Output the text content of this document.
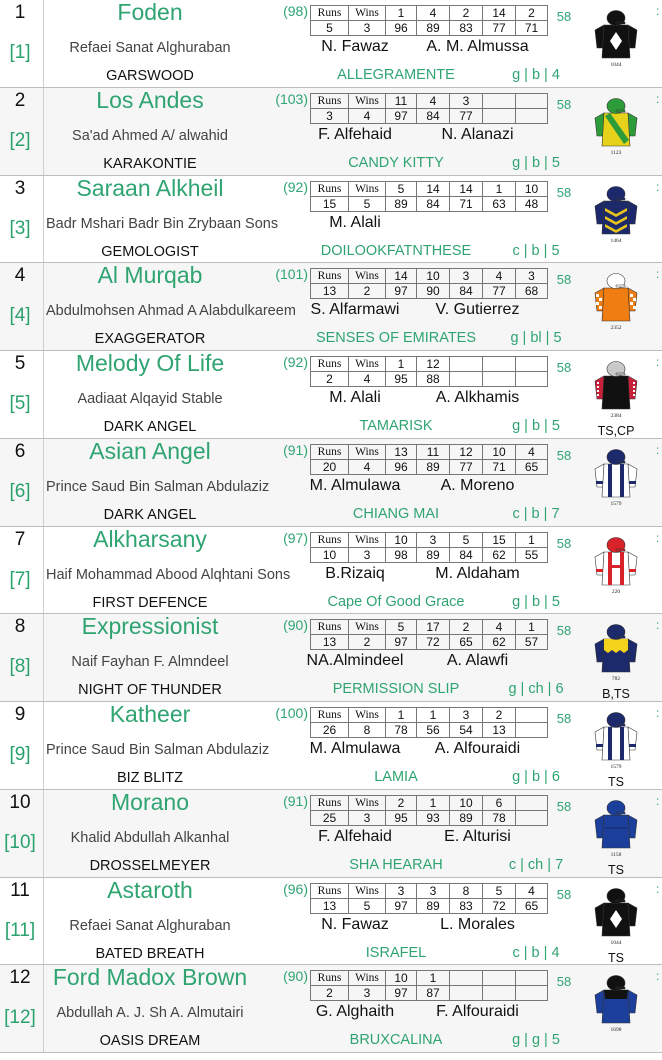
1
[1]
Foden	(98)
Refaei Sanat Alghuraban
GARSWOOD
Runs	Wins	1	4	2	14	2
5	3	96	89	83	77	71
N. Fawaz	A. M. Almussa
ALLEGRAMENTE	g | b | 4
58
1044
:
2
[2]
Los Andes	(103)
Sa'ad Ahmed A/ alwahid
KARAKONTIE
Runs	Wins	11	4	3		
3	4	97	84	77		
F. Alfehaid	N. Alanazi
CANDY KITTY	g | b | 5
58
1123
:
3
[3]
Saraan Alkheil	(92)
Badr Mshari Badr Bin Zrybaan Sons
GEMOLOGIST
Runs	Wins	5	14	14	1	10
15	5	89	84	71	63	48
M. Alali
DOILOOKFATNTHESE	c | b | 5
58
1464
:
4
[4]
Al Murqab	(101)
Abdulmohsen Ahmad A Alabdulkareem
EXAGGERATOR
Runs	Wins	14	10	3	4	3
13	2	97	90	84	77	68
S. Alfarmawi	V. Gutierrez
SENSES OF EMIRATES	g | bl | 5
58
2352
:
5
[5]
Melody Of Life	(92)
Aadiaat Alqayid Stable
DARK ANGEL
Runs	Wins	1	12			
2	4	95	88			
M. Alali	A. Alkhamis
TAMARISK	g | b | 5
58
2384
TS,CP
:
6
[6]
Asian Angel	(91)
Prince Saud Bin Salman Abdulaziz
DARK ANGEL
Runs	Wins	13	11	12	10	4
20	4	96	89	77	71	65
M. Almulawa	A. Moreno
CHIANG MAI	c | b | 7
58
1579
:
7
[7]
Alkharsany	(97)
Haif Mohammad Abood Alqhtani Sons
FIRST DEFENCE
Runs	Wins	10	3	5	15	1
10	3	98	89	84	62	55
B.Rizaiq	M. Aldaham
Cape Of Good Grace	g | b | 5
58
220
:
8
[8]
Expressionist	(90)
Naif Fayhan F. Almndeel
NIGHT OF THUNDER
Runs	Wins	5	17	2	4	1
13	2	97	72	65	62	57
NA.Almindeel	A. Alawfi
PERMISSION SLIP	g | ch | 6
58
782
B,TS
:
9
[9]
Katheer	(100)
Prince Saud Bin Salman Abdulaziz
BIZ BLITZ
Runs	Wins	1	1	3	2	
26	8	78	56	54	13	
M. Almulawa	A. Alfouraidi
LAMIA	g | b | 6
58
1579
TS
:
10
[10]
Morano	(91)
Khalid Abdullah Alkanhal
DROSSELMEYER
Runs	Wins	2	1	10	6	
25	3	95	93	89	78	
F. Alfehaid	E. Alturisi
SHA HEARAH	c | ch | 7
58
1158
TS
:
11
[11]
Astaroth	(96)
Refaei Sanat Alghuraban
BATED BREATH
Runs	Wins	3	3	8	5	4
13	5	97	89	83	72	65
N. Fawaz	L. Morales
ISRAFEL	c | b | 4
58
1044
TS
:
12
[12]
Ford Madox Brown	(90)
Abdullah A. J. Sh A. Almutairi
OASIS DREAM
Runs	Wins	10	1			
2	3	97	87			
G. Alghaith	F. Alfouraidi
BRUXCALINA	g | g | 5
58
1698
:
